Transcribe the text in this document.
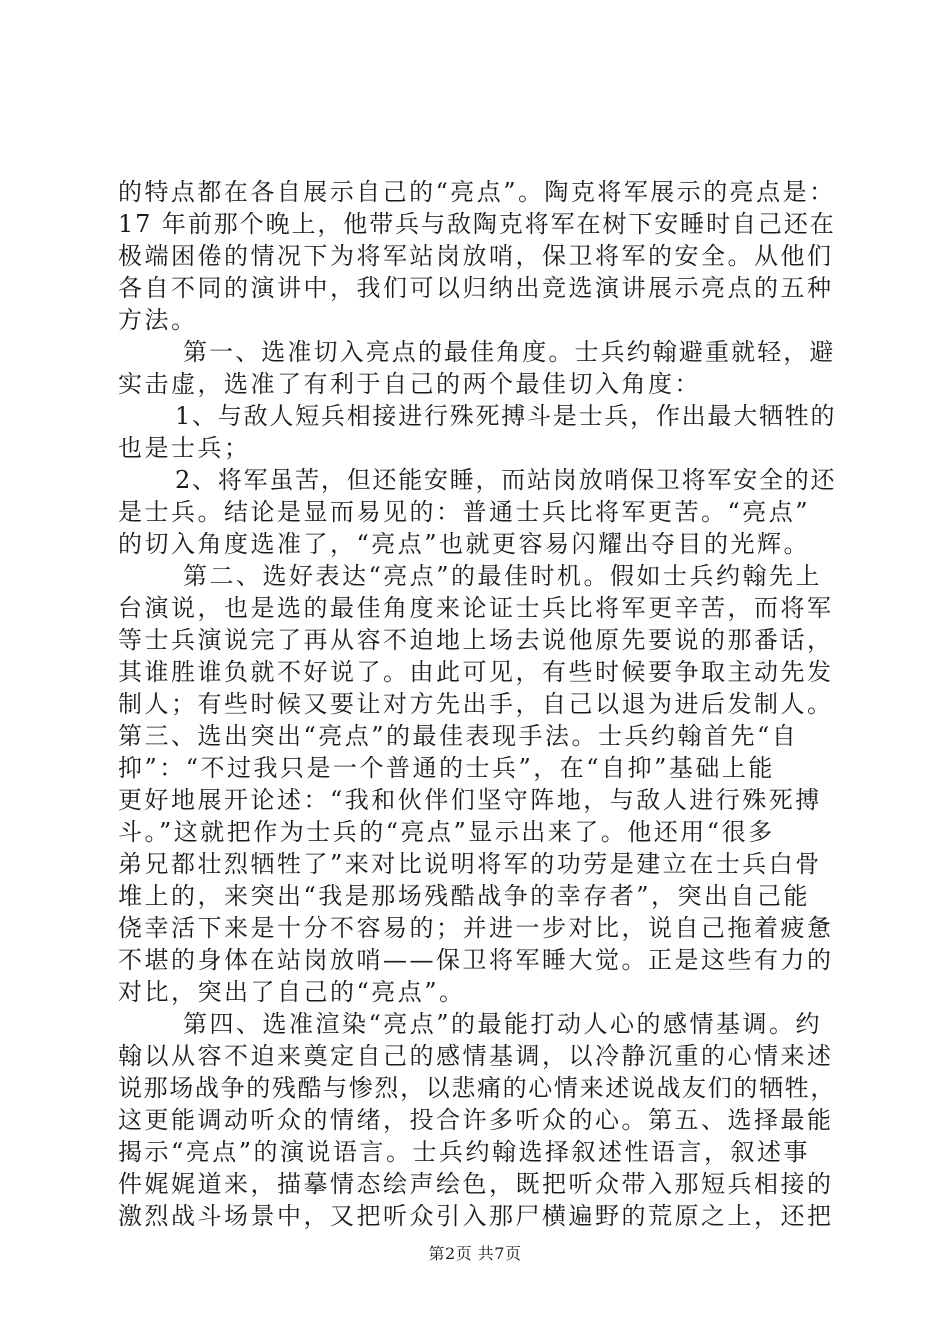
的特点都在各自展示自己的“亮点”。陶克将军展示的亮点是：
17 年前那个晚上，他带兵与敌陶克将军在树下安睡时自己还在
极端困倦的情况下为将军站岗放哨，保卫将军的安全。从他们
各自不同的演讲中，我们可以归纳出竞选演讲展示亮点的五种
方法。
第一、选准切入亮点的最佳角度。士兵约翰避重就轻，避
实击虚，选准了有利于自己的两个最佳切入角度：
1、与敌人短兵相接进行殊死搏斗是士兵，作出最大牺牲的
也是士兵；
2、将军虽苦，但还能安睡，而站岗放哨保卫将军安全的还
是士兵。结论是显而易见的：普通士兵比将军更苦。“亮点”
的切入角度选准了，“亮点”也就更容易闪耀出夺目的光辉。
第二、选好表达“亮点”的最佳时机。假如士兵约翰先上
台演说，也是选的最佳角度来论证士兵比将军更辛苦，而将军
等士兵演说完了再从容不迫地上场去说他原先要说的那番话，
其谁胜谁负就不好说了。由此可见，有些时候要争取主动先发
制人；有些时候又要让对方先出手，自己以退为进后发制人。
第三、选出突出“亮点”的最佳表现手法。士兵约翰首先“自
抑”：“不过我只是一个普通的士兵”，在“自抑”基础上能
更好地展开论述：“我和伙伴们坚守阵地，与敌人进行殊死搏
斗。”这就把作为士兵的“亮点”显示出来了。他还用“很多
弟兄都壮烈牺牲了”来对比说明将军的功劳是建立在士兵白骨
堆上的，来突出“我是那场残酷战争的幸存者”，突出自己能
侥幸活下来是十分不容易的；并进一步对比，说自己拖着疲惫
不堪的身体在站岗放哨——保卫将军睡大觉。正是这些有力的
对比，突出了自己的“亮点”。
第四、选准渲染“亮点”的最能打动人心的感情基调。约
翰以从容不迫来奠定自己的感情基调，以冷静沉重的心情来述
说那场战争的残酷与惨烈，以悲痛的心情来述说战友们的牺牲，
这更能调动听众的情绪，投合许多听众的心。第五、选择最能
揭示“亮点”的演说语言。士兵约翰选择叙述性语言，叙述事
件娓娓道来，描摹情态绘声绘色，既把听众带入那短兵相接的
激烈战斗场景中，又把听众引入那尸横遍野的荒原之上，还把
第2页 共7页
